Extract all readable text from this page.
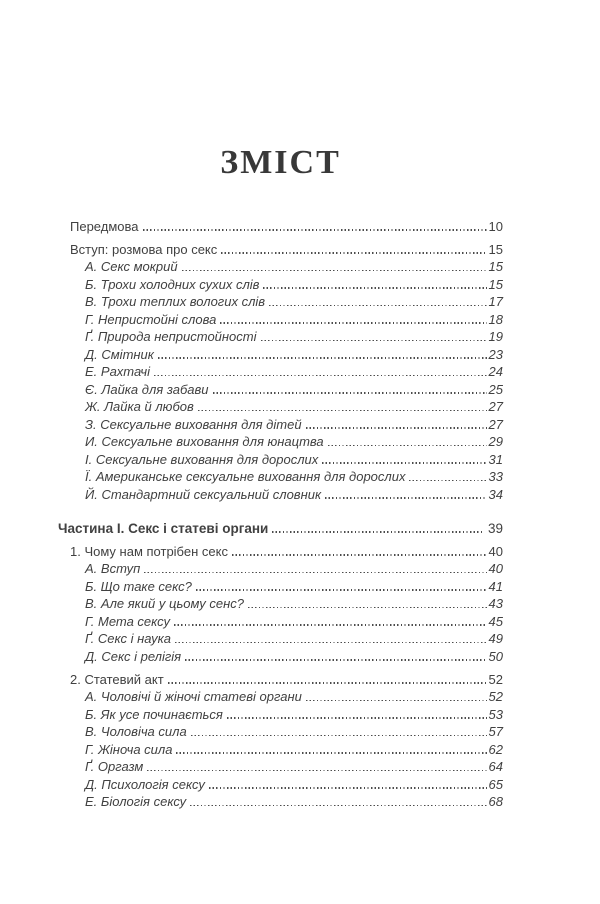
ЗМІСТ
Передмова	10
Вступ: розмова про секс	15
А. Секс мокрий	15
Б. Трохи холодних сухих слів	15
В. Трохи теплих вологих слів	17
Г. Непристойні слова	18
Ґ. Природа непристойності	19
Д. Смітник	23
Е. Рахтачі	24
Є. Лайка для забави	25
Ж. Лайка й любов	27
З. Сексуальне виховання для дітей	27
И. Сексуальне виховання для юнацтва	29
І. Сексуальне виховання для дорослих	31
Ї. Американське сексуальне виховання для дорослих	33
Й. Стандартний сексуальний словник	34
Частина І. Секс і статеві органи	39
1. Чому нам потрібен секс	40
А. Вступ	40
Б. Що таке секс?	41
В. Але який у цьому сенс?	43
Г. Мета сексу	45
Ґ. Секс і наука	49
Д. Секс і релігія	50
2. Статевий акт	52
А. Чоловічі й жіночі статеві органи	52
Б. Як усе починається	53
В. Чоловіча сила	57
Г. Жіноча сила	62
Ґ. Оргазм	64
Д. Психологія сексу	65
Е. Біологія сексу	68
